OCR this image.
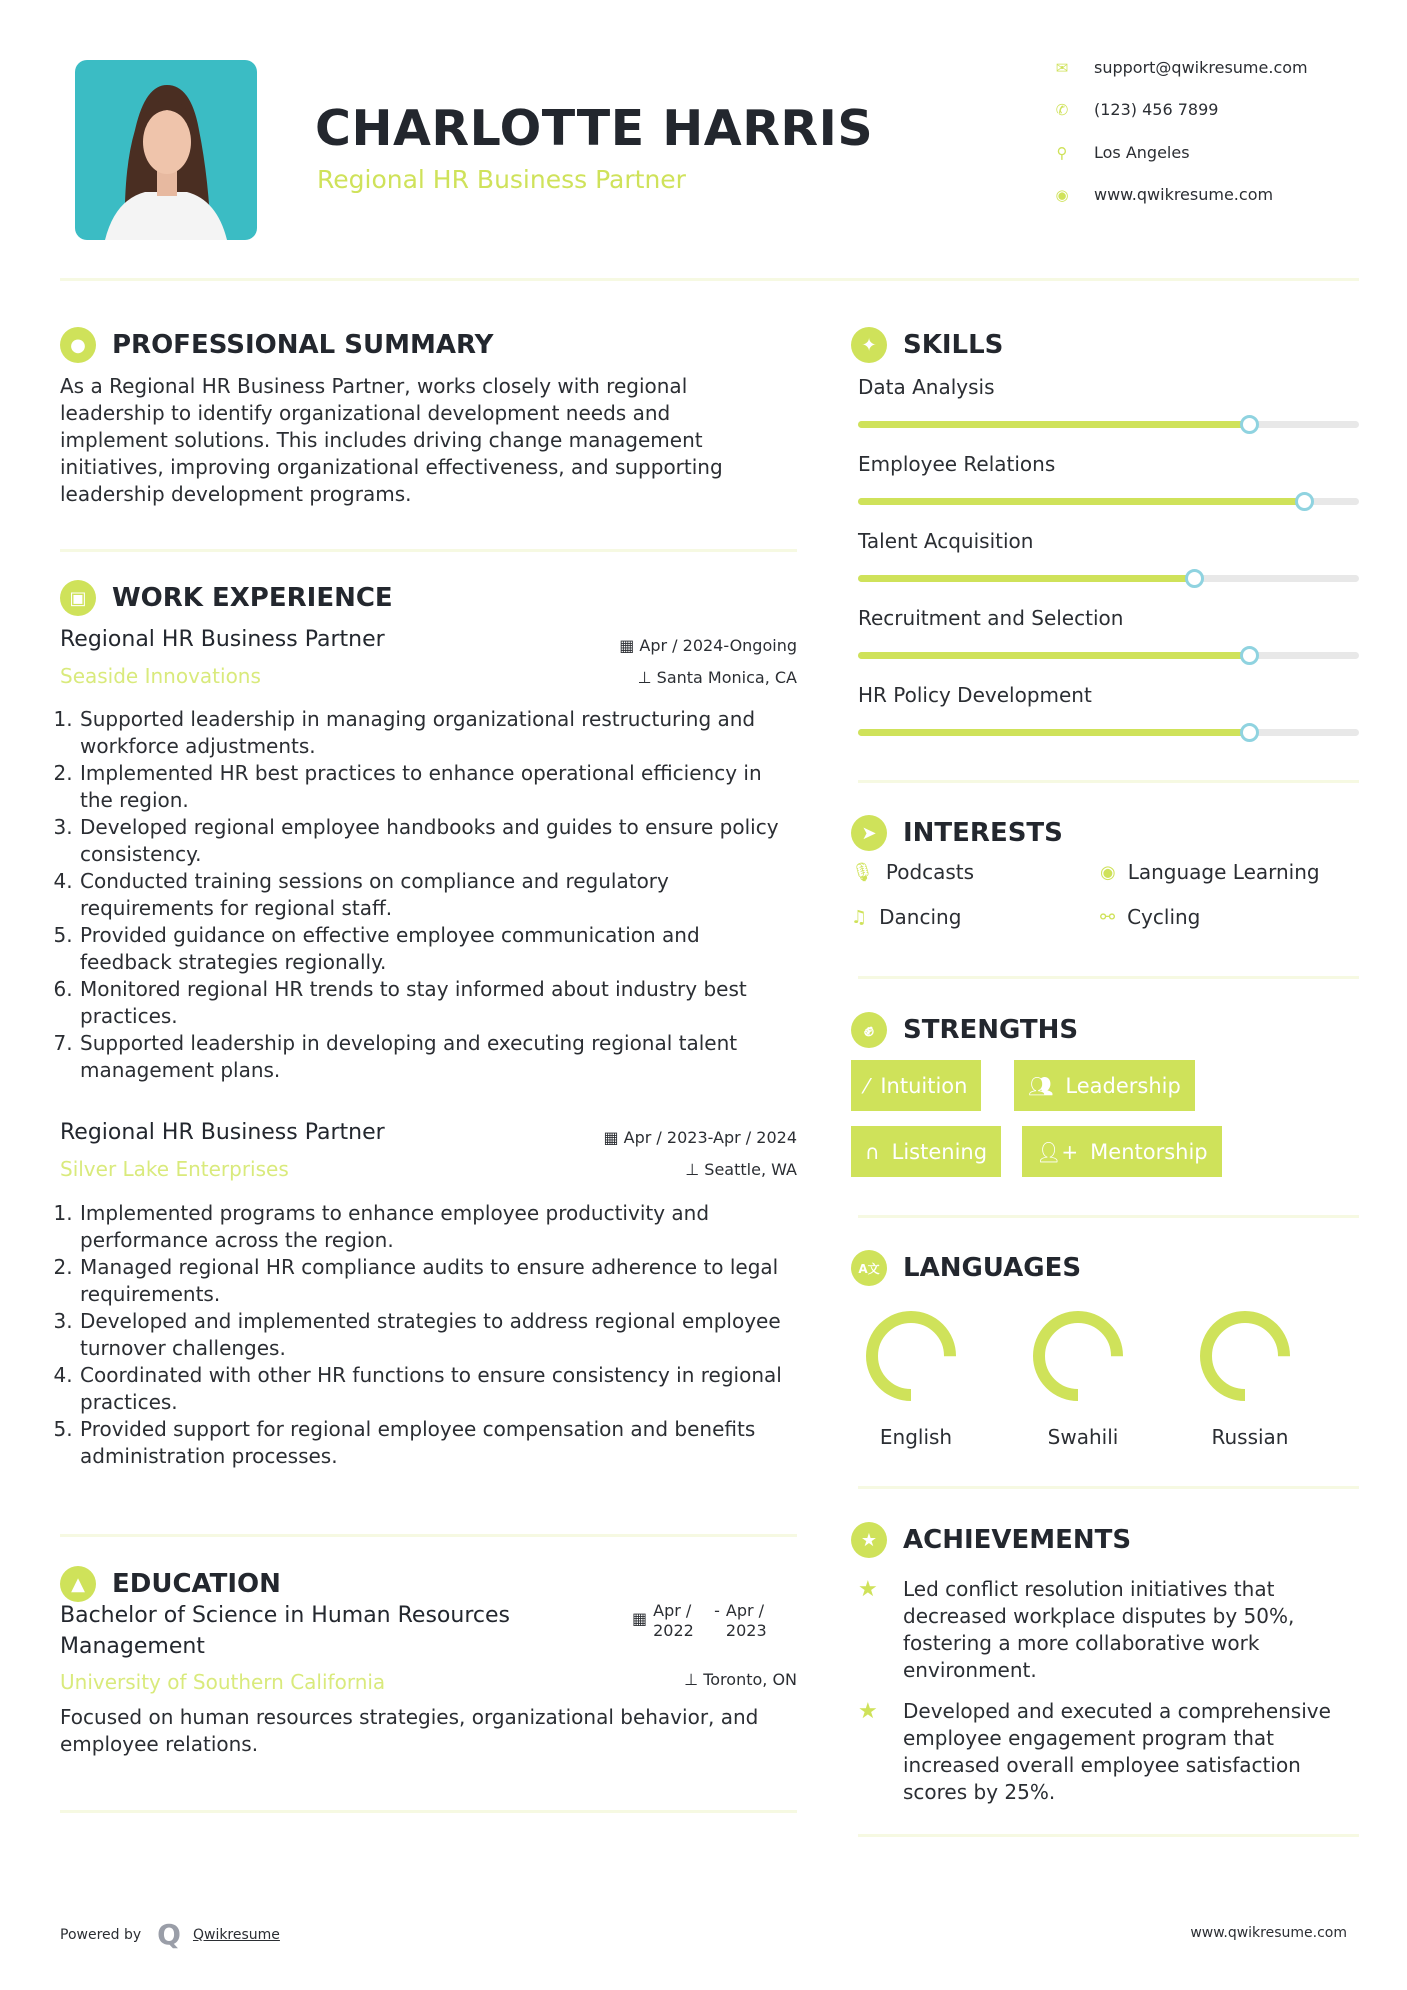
CHARLOTTE HARRIS
Regional HR Business Partner
✉ support@qwikresume.com
✆ (123) 456 7899
⚲ Los Angeles
◉ www.qwikresume.com
●	PROFESSIONAL SUMMARY
As a Regional HR Business Partner, works closely with regional leadership to identify organizational development needs and implement solutions. This includes driving change management initiatives, improving organizational effectiveness, and supporting leadership development programs.
▣ WORK EXPERIENCE
Regional HR Business Partner	▦ Apr / 2024-Ongoing
Seaside Innovations	⊥ Santa Monica, CA
1. Supported leadership in managing organizational restructuring and workforce adjustments.
2. Implemented HR best practices to enhance operational efficiency in the region.
3. Developed regional employee handbooks and guides to ensure policy consistency.
4. Conducted training sessions on compliance and regulatory requirements for regional staff.
5. Provided guidance on effective employee communication and feedback strategies regionally.
6. Monitored regional HR trends to stay informed about industry best practices.
7. Supported leadership in developing and executing regional talent management plans.
Regional HR Business Partner	▦ Apr / 2023-Apr / 2024
Silver Lake Enterprises	⊥ Seattle, WA
1. Implemented programs to enhance employee productivity and performance across the region.
2. Managed regional HR compliance audits to ensure adherence to legal requirements.
3. Developed and implemented strategies to address regional employee turnover challenges.
4. Coordinated with other HR functions to ensure consistency in regional practices.
5. Provided support for regional employee compensation and benefits administration processes.
▲	EDUCATION
Bachelor of Science in Human Resources Management
▦ Apr / 2022
- Apr / 2023
University of Southern California	⊥ Toronto, ON
Focused on human resources strategies, organizational behavior, and employee relations.
✦	SKILLS
Data Analysis
Employee Relations
Talent Acquisition
Recruitment and Selection
HR Policy Development
➤	INTERESTS
🎙︎ Podcasts	◉ Language Learning
♫ Dancing	⚯ Cycling
✊︎	STRENGTHS
⁄ Intuition	👥︎ Leadership
∩ Listening 👤︎+ Mentorship
A文 LANGUAGES
English	Swahili	Russian
★ ACHIEVEMENTS
★	Led conflict resolution initiatives that decreased workplace disputes by 50%, fostering a more collaborative work environment.
★	Developed and executed a comprehensive employee engagement program that increased overall employee satisfaction scores by 25%.
Powered by Q Qwikresume	www.qwikresume.com
